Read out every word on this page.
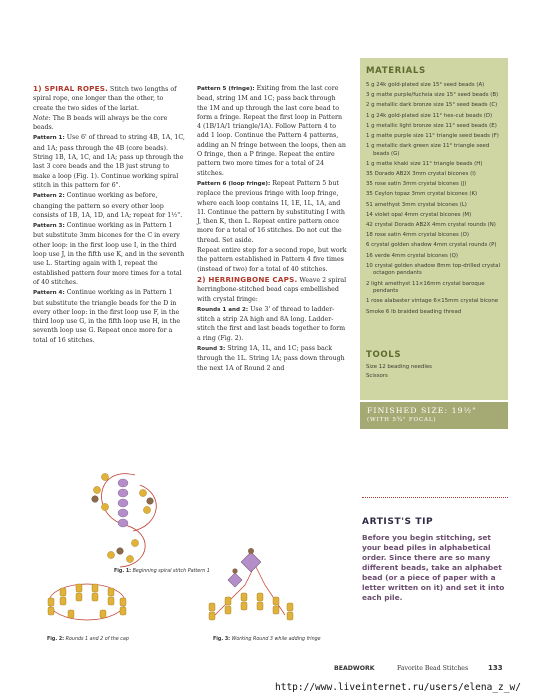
1) SPIRAL ROPES. Stitch two lengths of spiral rope, one longer than the other, to create the two sides of the lariat.

Note: The B beads will always be the core beads.

Pattern 1: Use 6' of thread to string 4B, 1A, 1C, and 1A; pass through the 4B (core beads). String 1B, 1A, 1C, and 1A; pass up through the last 3 core beads and the 1B just strung to make a loop (Fig. 1). Continue working spiral stitch in this pattern for 6".

Pattern 2: Continue working as before, changing the pattern so every other loop consists of 1B, 1A, 1D, and 1A; repeat for 1½".

Pattern 3: Continue working as in Pattern 1 but substitute 3mm bicones for the C in every other loop: in the first loop use I, in the third loop use J, in the fifth use K, and in the seventh use L. Starting again with I, repeat the established pattern four more times for a total of 40 stitches.

Pattern 4: Continue working as in Pattern 1 but substitute the triangle beads for the D in every other loop: in the first loop use F, in the third loop use G, in the fifth loop use H, in the seventh loop use G. Repeat once more for a total of 16 stitches.

Pattern 5 (fringe): Exiting from the last core bead, string 1M and 1C; pass back through the 1M and up through the last core bead to form a fringe. Repeat the first loop in Pattern 4 (1B/1A/1 triangle/1A). Follow Pattern 4 to add 1 loop. Continue the Pattern 4 patterns, adding an N fringe between the loops, then an O fringe, then a P fringe. Repeat the entire pattern two more times for a total of 24 stitches.

Pattern 6 (loop fringe): Repeat Pattern 5 but replace the previous fringe with loop fringe, where each loop contains 1I, 1E, 1L, 1A, and 1I. Continue the pattern by substituting I with J, then K, then L. Repeat entire pattern once more for a total of 16 stitches. Do not cut the thread. Set aside.

Repeat entire step for a second rope, but work the pattern established in Pattern 4 five times (instead of two) for a total of 40 stitches.

2) HERRINGBONE CAPS. Weave 2 spiral herringbone-stitched bead caps embellished with crystal fringe:

Rounds 1 and 2: Use 3' of thread to ladder-stitch a strip 2A high and 8A long. Ladder-stitch the first and last beads together to form a ring (Fig. 2).

Round 3: String 1A, 1L, and 1C; pass back through the 1L. String 1A; pass down through the next 1A of Round 2 and

MATERIALS
5 g 24k gold-plated size 15° seed beads (A)
3 g matte purple/fuchsia size 15° seed beads (B)
2 g metallic dark bronze size 15° seed beads (C)
1 g 24k gold-plated size 11° hex-cut beads (D)
1 g metallic light bronze size 11° seed beads (E)
1 g matte purple size 11° triangle seed beads (F)
1 g metallic dark green size 11° triangle seed beads (G)
1 g matte khaki size 11° triangle beads (H)
35 Dorado AB2X 3mm crystal bicones (I)
35 rose satin 3mm crystal bicones (J)
35 Ceylon topaz 3mm crystal bicones (K)
51 amethyst 3mm crystal bicones (L)
14 violet opal 4mm crystal bicones (M)
42 crystal Dorado AB2X 4mm crystal rounds (N)
18 rose satin 4mm crystal bicones (O)
6 crystal golden shadow 4mm crystal rounds (P)
16 verde 4mm crystal bicones (Q)
10 crystal golden shadow 8mm top-drilled crystal octagon pendants
2 light amethyst 11×16mm crystal baroque pendants
1 rose alabaster vintage 6×15mm crystal bicone
Smoke 6 lb braided beading thread
TOOLS
Size 12 beading needles
Scissors
FINISHED SIZE: 19½"
(WITH 5¾" FOCAL)
ARTIST'S TIP
Before you begin stitching, set your bead piles in alphabetical order. Since there are so many different beads, take an alphabet bead (or a piece of paper with a letter written on it) and set it into each pile.
Fig. 1: Beginning spiral stitch Pattern 1
Fig. 2: Rounds 1 and 2 of the cap	Fig. 3: Working Round 3 while adding fringe
BEADWORK	Favorite Bead Stitches	133
http://www.liveinternet.ru/users/elena_z_w/
